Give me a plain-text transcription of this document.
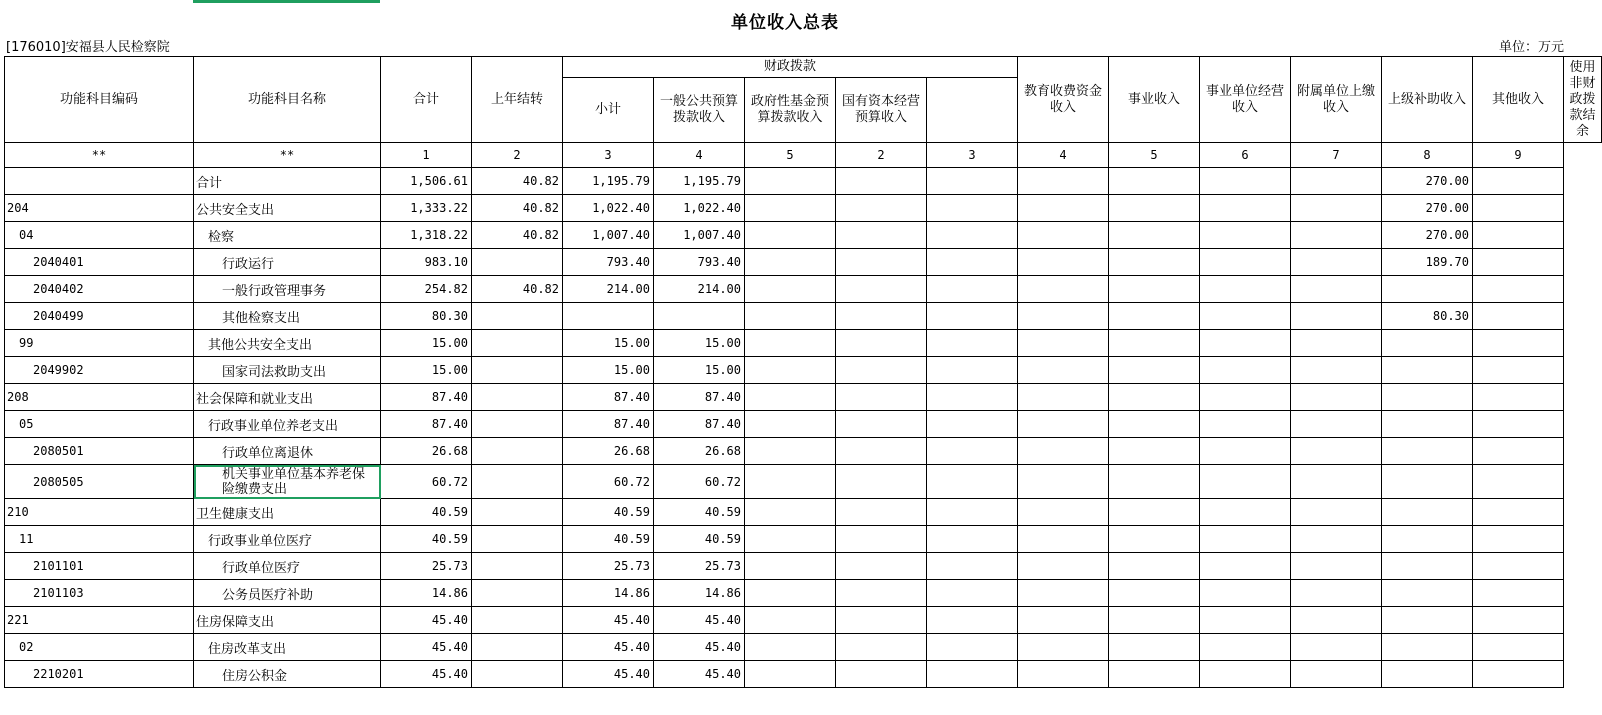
单位收入总表
[176010]安福县人民检察院	单位：万元
功能科目编码	功能科目名称	合计	上年结转	财政拨款					教育收费资金收入	事业收入	事业单位经营收入	附属单位上缴收入	上级补助收入	其他收入	使用非财政拨款结余
				小计	一般公共预算拨款收入	政府性基金预算拨款收入	国有资本经营预算收入								
**	**	1	2	3	4	5	2	3	4	5	6	7	8	9	
	合计	1,506.61	40.82	1,195.79	1,195.79								270.00		
204	公共安全支出	1,333.22	40.82	1,022.40	1,022.40								270.00		
04	检察	1,318.22	40.82	1,007.40	1,007.40								270.00		
2040401	行政运行	983.10		793.40	793.40								189.70		
2040402	一般行政管理事务	254.82	40.82	214.00	214.00										
2040499	其他检察支出	80.30											80.30		
99	其他公共安全支出	15.00		15.00	15.00										
2049902	国家司法救助支出	15.00		15.00	15.00										
208	社会保障和就业支出	87.40		87.40	87.40										
05	行政事业单位养老支出	87.40		87.40	87.40										
2080501	行政单位离退休	26.68		26.68	26.68										
2080505	机关事业单位基本养老保险缴费支出	60.72		60.72	60.72										
210	卫生健康支出	40.59		40.59	40.59										
11	行政事业单位医疗	40.59		40.59	40.59										
2101101	行政单位医疗	25.73		25.73	25.73										
2101103	公务员医疗补助	14.86		14.86	14.86										
221	住房保障支出	45.40		45.40	45.40										
02	住房改革支出	45.40		45.40	45.40										
2210201	住房公积金	45.40		45.40	45.40										
